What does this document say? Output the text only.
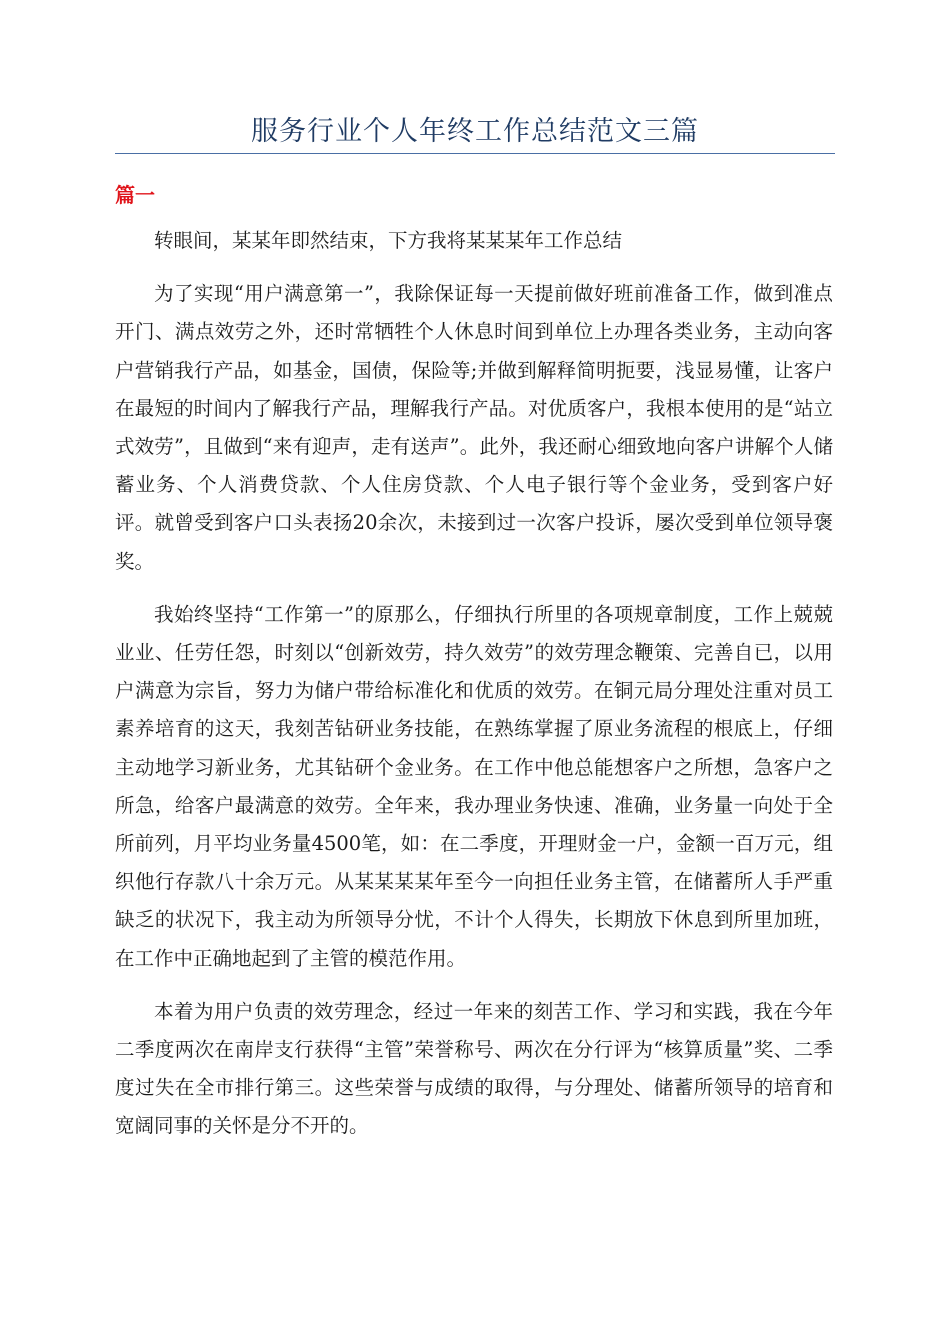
服务行业个人年终工作总结范文三篇
篇一

转眼间，某某年即然结束，下方我将某某某年工作总结

为了实现“用户满意第一”，我除保证每一天提前做好班前准备工作，做到准点开门、满点效劳之外，还时常牺牲个人休息时间到单位上办理各类业务，主动向客户营销我行产品，如基金，国债，保险等;并做到解释简明扼要，浅显易懂，让客户在最短的时间内了解我行产品，理解我行产品。对优质客户，我根本使用的是“站立式效劳”，且做到“来有迎声，走有送声”。此外，我还耐心细致地向客户讲解个人储蓄业务、个人消费贷款、个人住房贷款、个人电子银行等个金业务，受到客户好评。就曾受到客户口头表扬20余次，未接到过一次客户投诉，屡次受到单位领导褒奖。

我始终坚持“工作第一”的原那么，仔细执行所里的各项规章制度，工作上兢兢业业、任劳任怨，时刻以“创新效劳，持久效劳”的效劳理念鞭策、完善自已，以用户满意为宗旨，努力为储户带给标准化和优质的效劳。在铜元局分理处注重对员工素养培育的这天，我刻苦钻研业务技能，在熟练掌握了原业务流程的根底上，仔细主动地学习新业务，尤其钻研个金业务。在工作中他总能想客户之所想，急客户之所急，给客户最满意的效劳。全年来，我办理业务快速、准确，业务量一向处于全所前列，月平均业务量4500笔，如：在二季度，开理财金一户，金额一百万元，组织他行存款八十余万元。从某某某某年至今一向担任业务主管，在储蓄所人手严重缺乏的状况下，我主动为所领导分忧，不计个人得失，长期放下休息到所里加班，在工作中正确地起到了主管的模范作用。

本着为用户负责的效劳理念，经过一年来的刻苦工作、学习和实践，我在今年二季度两次在南岸支行获得“主管”荣誉称号、两次在分行评为“核算质量”奖、二季度过失在全市排行第三。这些荣誉与成绩的取得，与分理处、储蓄所领导的培育和宽阔同事的关怀是分不开的。
